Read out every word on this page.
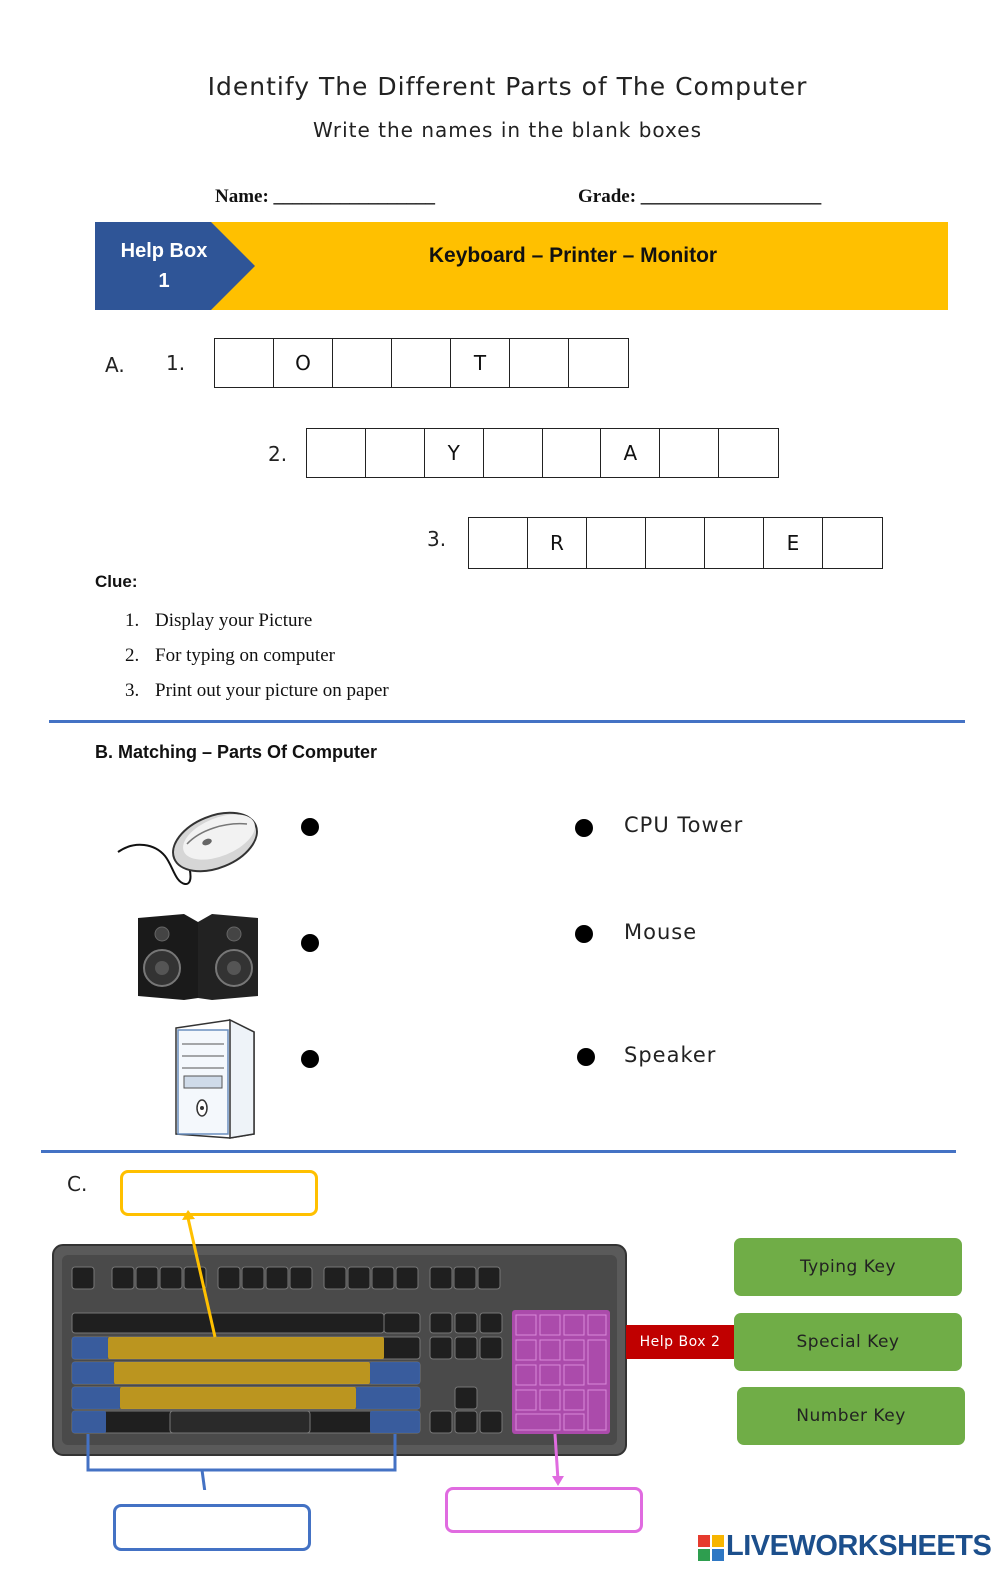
Identify The Different Parts of The Computer
Write the names in the blank boxes
Name: _________________	Grade: ___________________
Help Box
1
Keyboard – Printer – Monitor
A. 1.	O	T
2.	Y	A
3.	R	E
Clue:
1. Display your Picture
2. For typing on computer
3. Print out your picture on paper
B. Matching – Parts Of Computer
CPU Tower
Mouse
Speaker
C.
Help Box 2
Typing Key
Special Key
Number Key
LIVEWORKSHEETS
